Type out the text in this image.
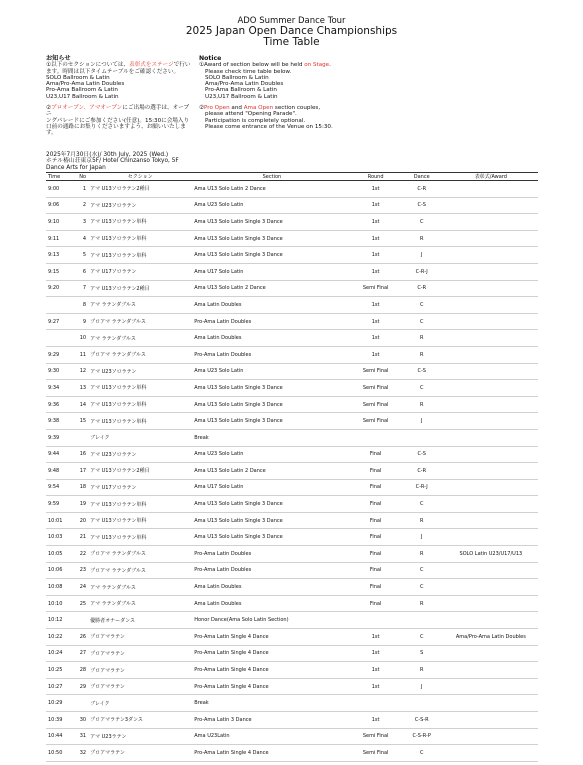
ADO Summer Dance Tour
2025 Japan Open Dance Championships
Time Table
お知らせ
①以下のセクションについては、表彰式をステージで行い
ます。時間は以下タイムテーブルをご確認ください。
SOLO Ballroom & Latin
Ama/Pro-Ama Latin Doubles
Pro-Ama Ballroom & Latin
U23,U17 Ballroom & Latin
②プロオープン、アマオープンにご出場の選手は、オープニ
ングパレードにご参加ください(任意)。15:30に会場入り
口前の通路にお集りくださいますよう、お願いいたします。
Notice
①Award of section below will be held on Stage.
Please check time table below.
SOLO Ballroom & Latin
Ama/Pro-Ama Latin Doubles
Pro-Ama Ballroom & Latin
U23,U17 Ballroom & Latin
②Pro Open and Ama Open section couples,
please attend "Opening Parade".
Participation is completely optional.
Please come entrance of the Venue on 15:30.
2025年7月30日(水)/ 30th July, 2025 (Wed.)
ホテル椿山荘東京5F/ Hotel Chinzanso Tokyo, 5F
Dance Arts for Japan
Time	No	セクション	Section	Round	Dance	表彰式/Award
9:00	1	アマ U13ソロラテン2種目	Ama U13 Solo Latin 2 Dance	1st	C-R	
9:06	2	アマ U23ソロラテン	Ama U23 Solo Latin	1st	C-S	
9:10	3	アマ U13ソロラテン単科	Ama U13 Solo Latin Single 3 Dance	1st	C	
9:11	4	アマ U13ソロラテン単科	Ama U13 Solo Latin Single 3 Dance	1st	R	
9:13	5	アマ U13ソロラテン単科	Ama U13 Solo Latin Single 3 Dance	1st	J	
9:15	6	アマ U17ソロラテン	Ama U17 Solo Latin	1st	C-R-J	
9:20	7	アマ U13ソロラテン2種目	Ama U13 Solo Latin 2 Dance	Semi Final	C-R	
	8	アマ ラテンダブルス	Ama Latin Doubles	1st	C	
9:27	9	プロアマ ラテンダブルス	Pro-Ama Latin Doubles	1st	C	
	10	アマ ラテンダブルス	Ama Latin Doubles	1st	R	
9:29	11	プロアマ ラテンダブルス	Pro-Ama Latin Doubles	1st	R	
9:30	12	アマ U23ソロラテン	Ama U23 Solo Latin	Semi Final	C-S	
9:34	13	アマ U13ソロラテン単科	Ama U13 Solo Latin Single 3 Dance	Semi Final	C	
9:36	14	アマ U13ソロラテン単科	Ama U13 Solo Latin Single 3 Dance	Semi Final	R	
9:38	15	アマ U13ソロラテン単科	Ama U13 Solo Latin Single 3 Dance	Semi Final	J	
9:39		ブレイク	Break			
9:44	16	アマ U23ソロラテン	Ama U23 Solo Latin	Final	C-S	
9:48	17	アマ U13ソロラテン2種目	Ama U13 Solo Latin 2 Dance	Final	C-R	
9:54	18	アマ U17ソロラテン	Ama U17 Solo Latin	Final	C-R-J	
9:59	19	アマ U13ソロラテン単科	Ama U13 Solo Latin Single 3 Dance	Final	C	
10:01	20	アマ U13ソロラテン単科	Ama U13 Solo Latin Single 3 Dance	Final	R	
10:03	21	アマ U13ソロラテン単科	Ama U13 Solo Latin Single 3 Dance	Final	J	
10:05	22	プロアマ ラテンダブルス	Pro-Ama Latin Doubles	Final	R	SOLO Latin U23/U17/U13
10:06	23	プロアマ ラテンダブルス	Pro-Ama Latin Doubles	Final	C	
10:08	24	アマ ラテンダブルス	Ama Latin Doubles	Final	C	
10:10	25	アマ ラテンダブルス	Ama Latin Doubles	Final	R	
10:12		優勝者オナーダンス	Honor Dance(Ama Solo Latin Section)			
10:22	26	プロアマラテン	Pro-Ama Latin Single 4 Dance	1st	C	Ama/Pro-Ama Latin Doubles
10:24	27	プロアマラテン	Pro-Ama Latin Single 4 Dance	1st	S	
10:25	28	プロアマラテン	Pro-Ama Latin Single 4 Dance	1st	R	
10:27	29	プロアマラテン	Pro-Ama Latin Single 4 Dance	1st	J	
10:29		ブレイク	Break			
10:39	30	プロアマラテン3ダンス	Pro-Ama Latin 3 Dance	1st	C-S-R	
10:44	31	アマ U23ラテン	Ama U23Latin	Semi Final	C-S-R-P	
10:50	32	プロアマラテン	Pro-Ama Latin Single 4 Dance	Semi Final	C	
